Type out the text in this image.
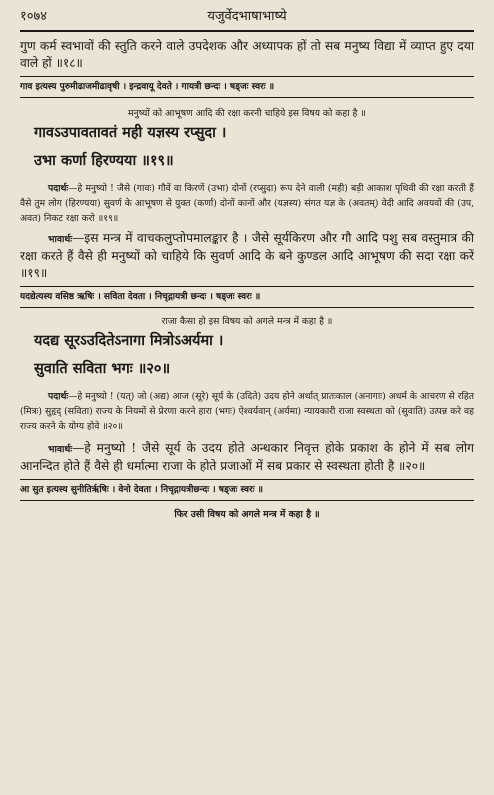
१०७४	यजुर्वेदभाषाभाष्ये

गुण कर्म स्वभावों की स्तुति करने वाले उपदेशक और अध्यापक हों तो सब मनुष्य विद्या में व्याप्त हुए दया वाले हों ॥१८॥

गाव इत्यस्य पुरुमीढाजमीढावृषी । इन्द्रवायू देवते । गायत्री छन्दः । षड्जः स्वरः ॥

मनुष्यों को आभूषण आदि की रक्षा करनी चाहिये इस विषय को कहा है ॥

गावऽउपावतावतं मही यज्ञस्य रप्सुदा ।
उभा कर्णा हिरण्यया ॥१९॥

पदार्थः—हे मनुष्यो ! जैसे (गावः) गौवें वा किरणें (उभा) दोनों (रप्सुदा) रूप देने वाली (मही) बड़ी आकाश पृथिवी की रक्षा करती हैं वैसे तुम लोग (हिरण्यया) सुवर्ण के आभूषण से युक्त (कर्णा) दोनों कानों और (यज्ञस्य) संगत यज्ञ के (अवतम्) वेदी आदि अवयवों की (उप, अवत) निकट रक्षा करो ॥१९॥

भावार्थः—इस मन्त्र में वाचकलुप्तोपमालङ्कार है । जैसे सूर्यकिरण और गौ आदि पशु सब वस्तुमात्र की रक्षा करते हैं वैसे ही मनुष्यों को चाहिये कि सुवर्ण आदि के बने कुण्डल आदि आभूषण की सदा रक्षा करें ॥१९॥

यदद्येत्यस्य वसिष्ठ ऋषिः । सविता देवता । निचृद्गायत्री छन्दः । षड्जः स्वरः ॥

राजा कैसा हो इस विषय को अगले मन्त्र में कहा है ॥

यदद्य सूरऽउदितेऽनागा मित्रोऽअर्यमा ।
सुवाति सविता भगः ॥२०॥

पदार्थः—हे मनुष्यो ! (यत्) जो (अद्य) आज (सूरे) सूर्य के (उदिते) उदय होने अर्थात् प्रातःकाल (अनागाः) अधर्म के आचरण से रहित (मित्रः) सुहृद् (सविता) राज्य के नियमों से प्रेरणा करने हारा (भगः) ऐश्वर्यवान् (अर्यमा) न्यायकारी राजा स्वस्थता को (सुवाति) उत्पन्न करे वह राज्य करने के योग्य होवे ॥२०॥

भावार्थः—हे मनुष्यो ! जैसे सूर्य के उदय होते अन्धकार निवृत्त होके प्रकाश के होने में सब लोग आनन्दित होते हैं वैसे ही धर्मात्मा राजा के होते प्रजाओं में सब प्रकार से स्वस्थता होती है ॥२०॥

आ सुत इत्यस्य सुनीतिर्ऋषिः । वेनो देवता । निचृद्गायत्रीछन्दः । षड्जः स्वरः ॥

फिर उसी विषय को अगले मन्त्र में कहा है ॥
